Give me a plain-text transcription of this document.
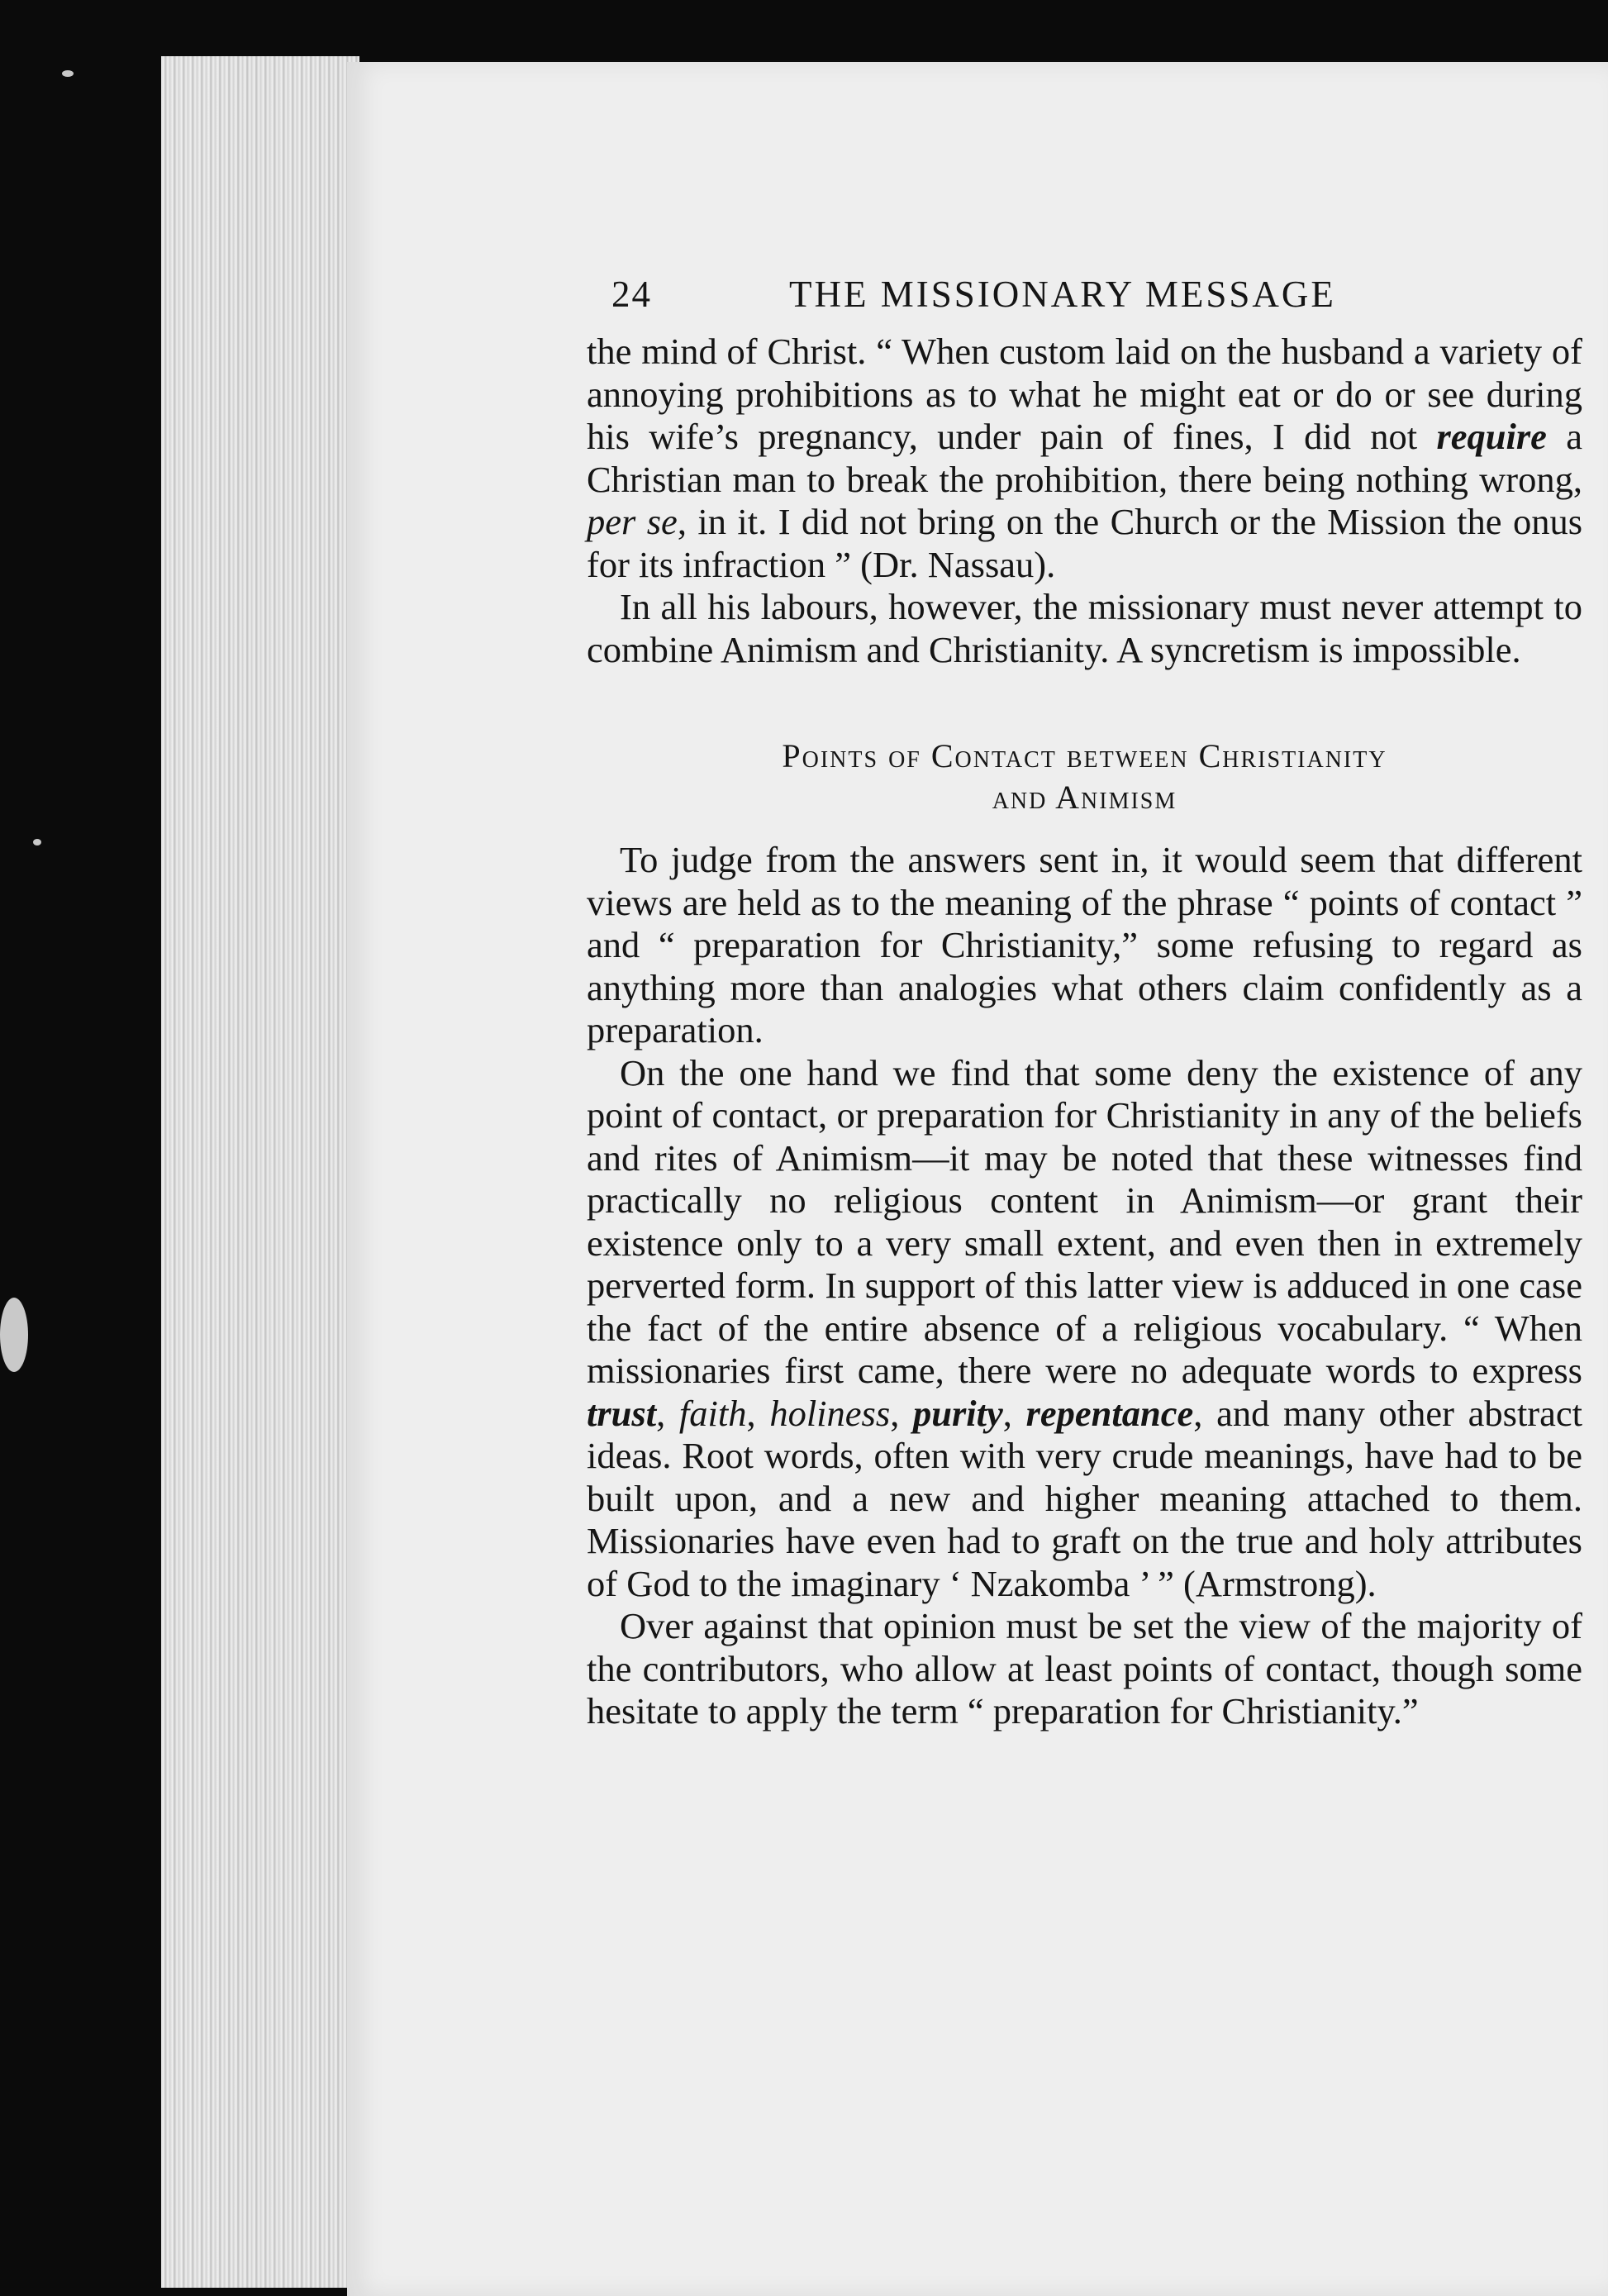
24	THE MISSIONARY MESSAGE

the mind of Christ. “ When custom laid on the husband a variety of annoying prohibitions as to what he might eat or do or see during his wife’s pregnancy, under pain of fines, I did not require a Christian man to break the prohibition, there being nothing wrong, per se, in it. I did not bring on the Church or the Mission the onus for its infraction ” (Dr. Nassau).

In all his labours, however, the missionary must never attempt to combine Animism and Christianity. A syncretism is impossible.

Points of Contact between Christianity
and Animism

To judge from the answers sent in, it would seem that different views are held as to the meaning of the phrase “ points of contact ” and “ preparation for Christianity,” some refusing to regard as anything more than analogies what others claim confidently as a preparation.

On the one hand we find that some deny the existence of any point of contact, or preparation for Christianity in any of the beliefs and rites of Animism—it may be noted that these witnesses find practically no religious content in Animism—or grant their existence only to a very small extent, and even then in extremely perverted form. In support of this latter view is adduced in one case the fact of the entire absence of a religious vocabulary. “ When missionaries first came, there were no adequate words to express trust, faith, holiness, purity, repentance, and many other abstract ideas. Root words, often with very crude meanings, have had to be built upon, and a new and higher meaning attached to them. Missionaries have even had to graft on the true and holy attributes of God to the imaginary ‘ Nzakomba ’ ” (Armstrong).

Over against that opinion must be set the view of the majority of the contributors, who allow at least points of contact, though some hesitate to apply the term “ preparation for Christianity.”
